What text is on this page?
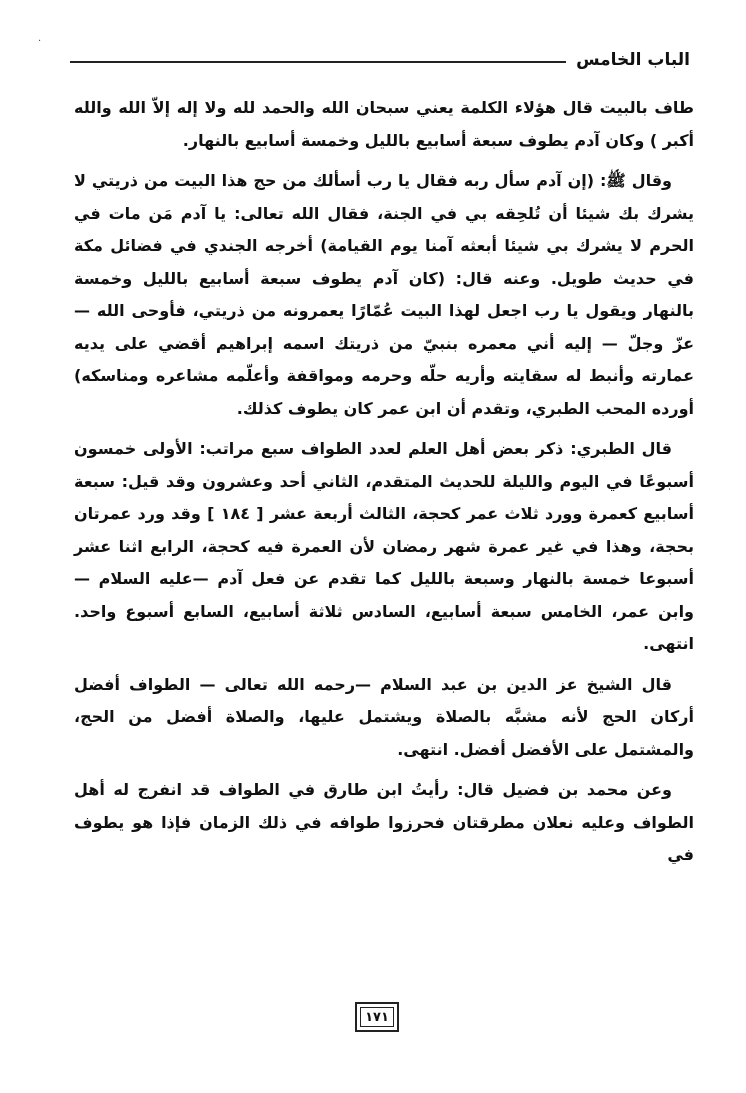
·
الباب الخامس

طاف بالبيت قال هؤلاء الكلمة يعني سبحان الله والحمد لله ولا إله إلاّ الله والله أكبر ) وكان آدم يطوف سبعة أسابيع بالليل وخمسة أسابيع بالنهار.

وقال ﷺ: (إن آدم سأل ربه فقال يا رب أسألك من حج هذا البيت من ذريتي لا يشرك بك شيئا أن تُلحِقه بي في الجنة، فقال الله تعالى: يا آدم مَن مات في الحرم لا يشرك بي شيئا أبعثه آمنا يوم القيامة) أخرجه الجندي في فضائل مكة في حديث طويل. وعنه قال: (كان آدم يطوف سبعة أسابيع بالليل وخمسة بالنهار ويقول يا رب اجعل لهذا البيت عُمّارًا يعمرونه من ذريتي، فأوحى الله — عزّ وجلّ — إليه أني معمره بنبيّ من ذريتك اسمه إبراهيم أقضي على يديه عمارته وأنبط له سقايته وأريه حلّه وحرمه ومواقفة وأعلّمه مشاعره ومناسكه) أورده المحب الطبري، وتقدم أن ابن عمر كان يطوف كذلك.

قال الطبري: ذكر بعض أهل العلم لعدد الطواف سبع مراتب: الأولى خمسون أسبوعًا في اليوم والليلة للحديث المتقدم، الثاني أحد وعشرون وقد قيل: سبعة أسابيع كعمرة وورد ثلاث عمر كحجة، الثالث أربعة عشر [ ١٨٤ ] وقد ورد عمرتان بحجة، وهذا في غير عمرة شهر رمضان لأن العمرة فيه كحجة، الرابع اثنا عشر أسبوعا خمسة بالنهار وسبعة بالليل كما تقدم عن فعل آدم —عليه السلام — وابن عمر، الخامس سبعة أسابيع، السادس ثلاثة أسابيع، السابع أسبوع واحد. انتهى.

قال الشيخ عز الدين بن عبد السلام —رحمه الله تعالى — الطواف أفضل أركان الحج لأنه مشبَّه بالصلاة ويشتمل عليها، والصلاة أفضل من الحج، والمشتمل على الأفضل أفضل. انتهى.

وعن محمد بن فضيل قال: رأيتُ ابن طارق في الطواف قد انفرج له أهل الطواف وعليه نعلان مطرقتان فحرزوا طوافه في ذلك الزمان فإذا هو يطوف في

١٧١
